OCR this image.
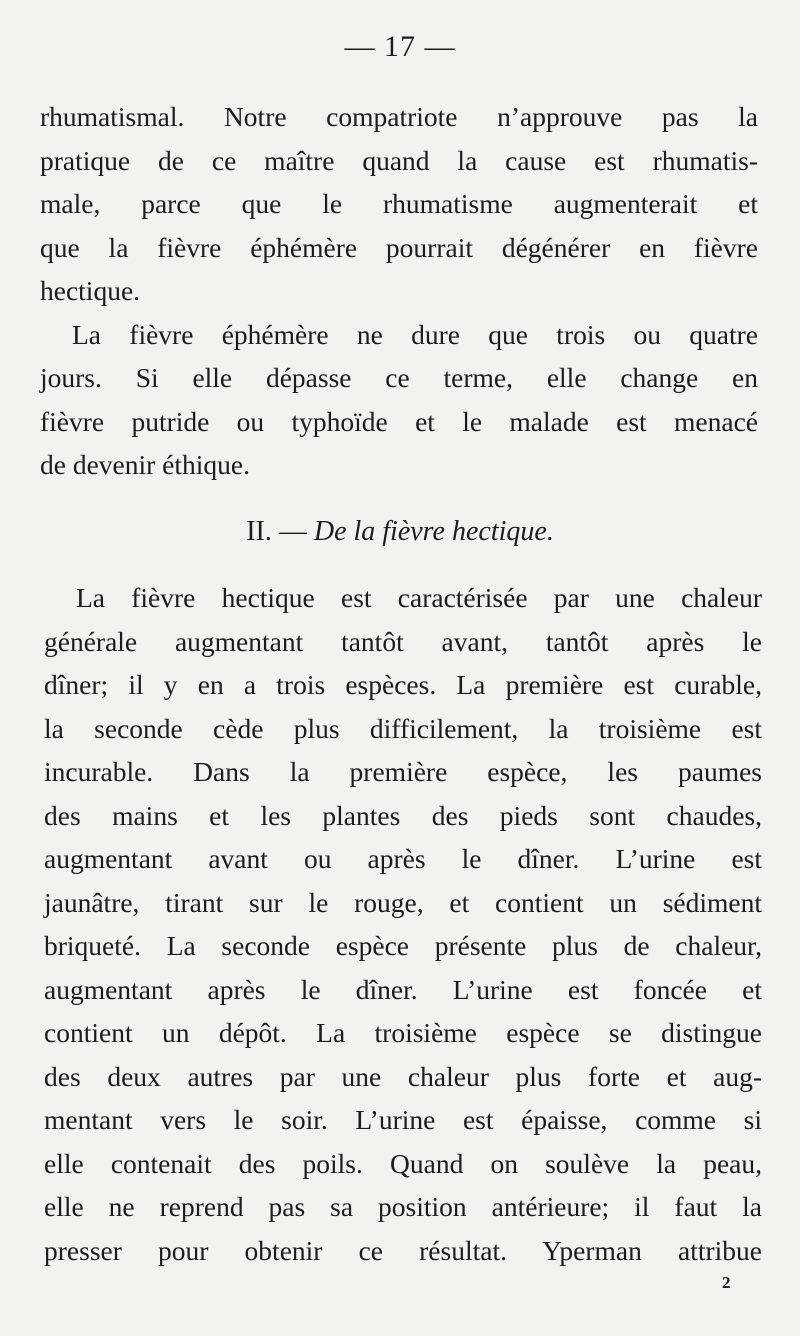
— 17 —
rhumatismal. Notre compatriote n’approuve pas la
pratique de ce maître quand la cause est rhumatis-
male, parce que le rhumatisme augmenterait et
que la fièvre éphémère pourrait dégénérer en fièvre
hectique.
La fièvre éphémère ne dure que trois ou quatre
jours. Si elle dépasse ce terme, elle change en
fièvre putride ou typhoïde et le malade est menacé
de devenir éthique.
II. — De la fièvre hectique.
La fièvre hectique est caractérisée par une chaleur
générale augmentant tantôt avant, tantôt après le
dîner; il y en a trois espèces. La première est curable,
la seconde cède plus difficilement, la troisième est
incurable. Dans la première espèce, les paumes
des mains et les plantes des pieds sont chaudes,
augmentant avant ou après le dîner. L’urine est
jaunâtre, tirant sur le rouge, et contient un sédiment
briqueté. La seconde espèce présente plus de chaleur,
augmentant après le dîner. L’urine est foncée et
contient un dépôt. La troisième espèce se distingue
des deux autres par une chaleur plus forte et aug-
mentant vers le soir. L’urine est épaisse, comme si
elle contenait des poils. Quand on soulève la peau,
elle ne reprend pas sa position antérieure; il faut la
presser pour obtenir ce résultat. Yperman attribue
2
